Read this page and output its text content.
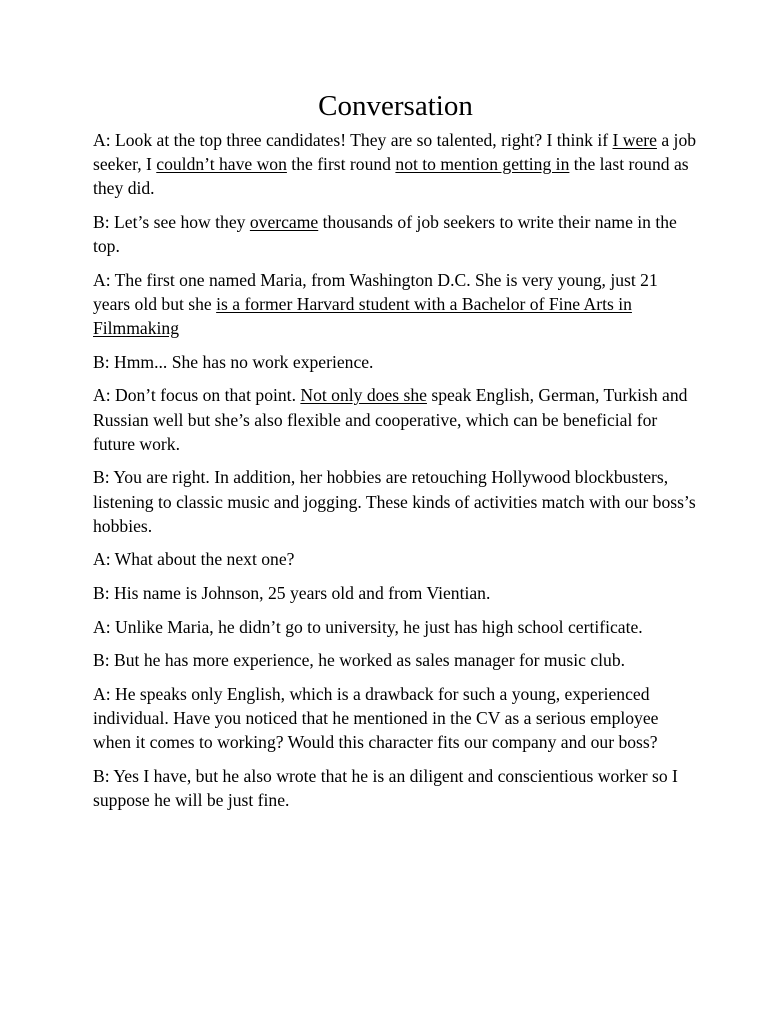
Conversation

A: Look at the top three candidates! They are so talented, right? I think if I were a job seeker, I couldn’t have won the first round not to mention getting in the last round as they did.

B: Let’s see how they overcame thousands of job seekers to write their name in the top.

A: The first one named Maria, from Washington D.C. She is very young, just 21 years old but she is a former Harvard student with a Bachelor of Fine Arts in Filmmaking

B: Hmm... She has no work experience.

A: Don’t focus on that point. Not only does she speak English, German, Turkish and Russian well but she’s also flexible and cooperative, which can be beneficial for future work.

B: You are right. In addition, her hobbies are retouching Hollywood blockbusters, listening to classic music and jogging. These kinds of activities match with our boss’s hobbies.

A: What about the next one?

B: His name is Johnson, 25 years old and from Vientian.

A: Unlike Maria, he didn’t go to university, he just has high school certificate.

B: But he has more experience, he worked as sales manager for music club.

A: He speaks only English, which is a drawback for such a young, experienced individual. Have you noticed that he mentioned in the CV as a serious employee when it comes to working? Would this character fits our company and our boss?

B: Yes I have, but he also wrote that he is an diligent and conscientious worker so I suppose he will be just fine.
